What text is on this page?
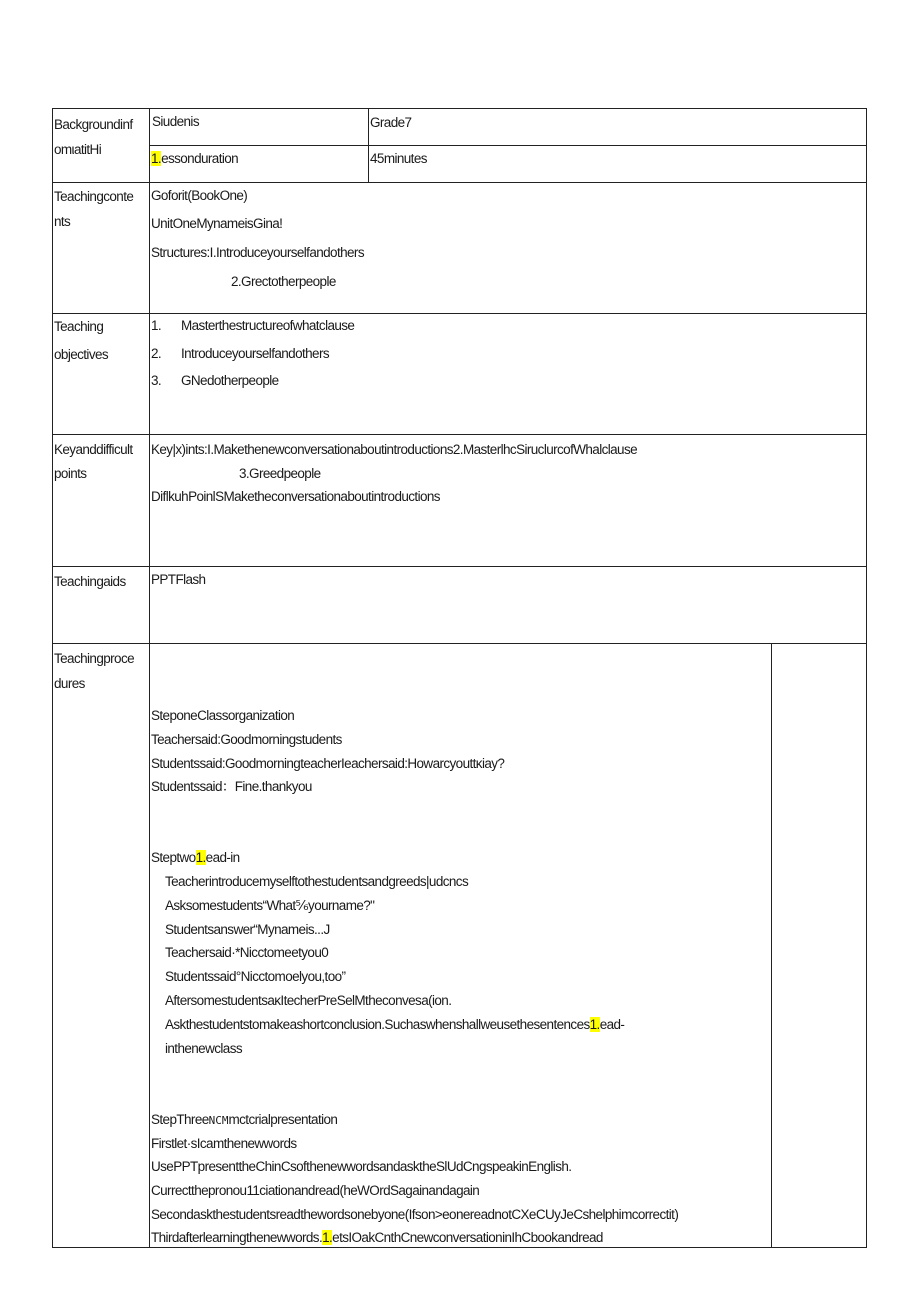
Backgroundinf
omιatitHi
Siudenis	Grade7
1.essonduration	45minutes
Teachingconte
nts
Goforit(BookOne)
UnitOneMynameisGina!
Structures:I.Introduceyourselfandothers
2.Grectotherpeople
Teaching
objectives
1. Masterthestructureofwhatclause
2. Introduceyourselfandothers
3. GNedotherpeople
Keyanddifficult
points
Key|x)ints:I.Makethenewconversationaboutintroductions2.MasterlhcSiruclurcofWhalclause
3.Greedpeople
DiflkuhPoinlSMaketheconversationaboutintroductions
Teachingaids PPTFlash
Teachingproce
dures
SteponeClassorganization
Teachersaid:Goodmorningstudents
Studentssaid:GoodmorningteacherIeachersaid:Howarcyouttκiay?
Studentssaid：Fine.thankyou
Steptwo1.ead-in
Teacherintroducemyselftothestudentsandgreeds|udcncs
Asksomestudents“What⅚yourname?"
Studentsanswer“Mynameis...J
Teachersaid·*Nicctomeetyou0
Studentssaid°Nicctomoelyou,too”
AftersomestudentsaκItecherPreSelMtheconvesa(ion.
Askthestudentstomakeashortconclusion.Suchaswhenshallweusethesentences1.ead-
inthenewclass
StepThreeNCMmctcrialpresentation
Firstlet·sIcamthenewwords
UsePPTpresenttheChinCsofthenewwordsandasktheSlUdCngspeakinEnglish.
Currectthepronou11ciationandread(heWOrdSagainandagain
Secondaskthestudentsreadthewordsonebyone(Ifson>eonereadnotCXeCUyJeCshelphimcorrectit)
Thirdafterlearningthenewwords.1.etsIOakCnthCnewconversationinIhCbookandread
